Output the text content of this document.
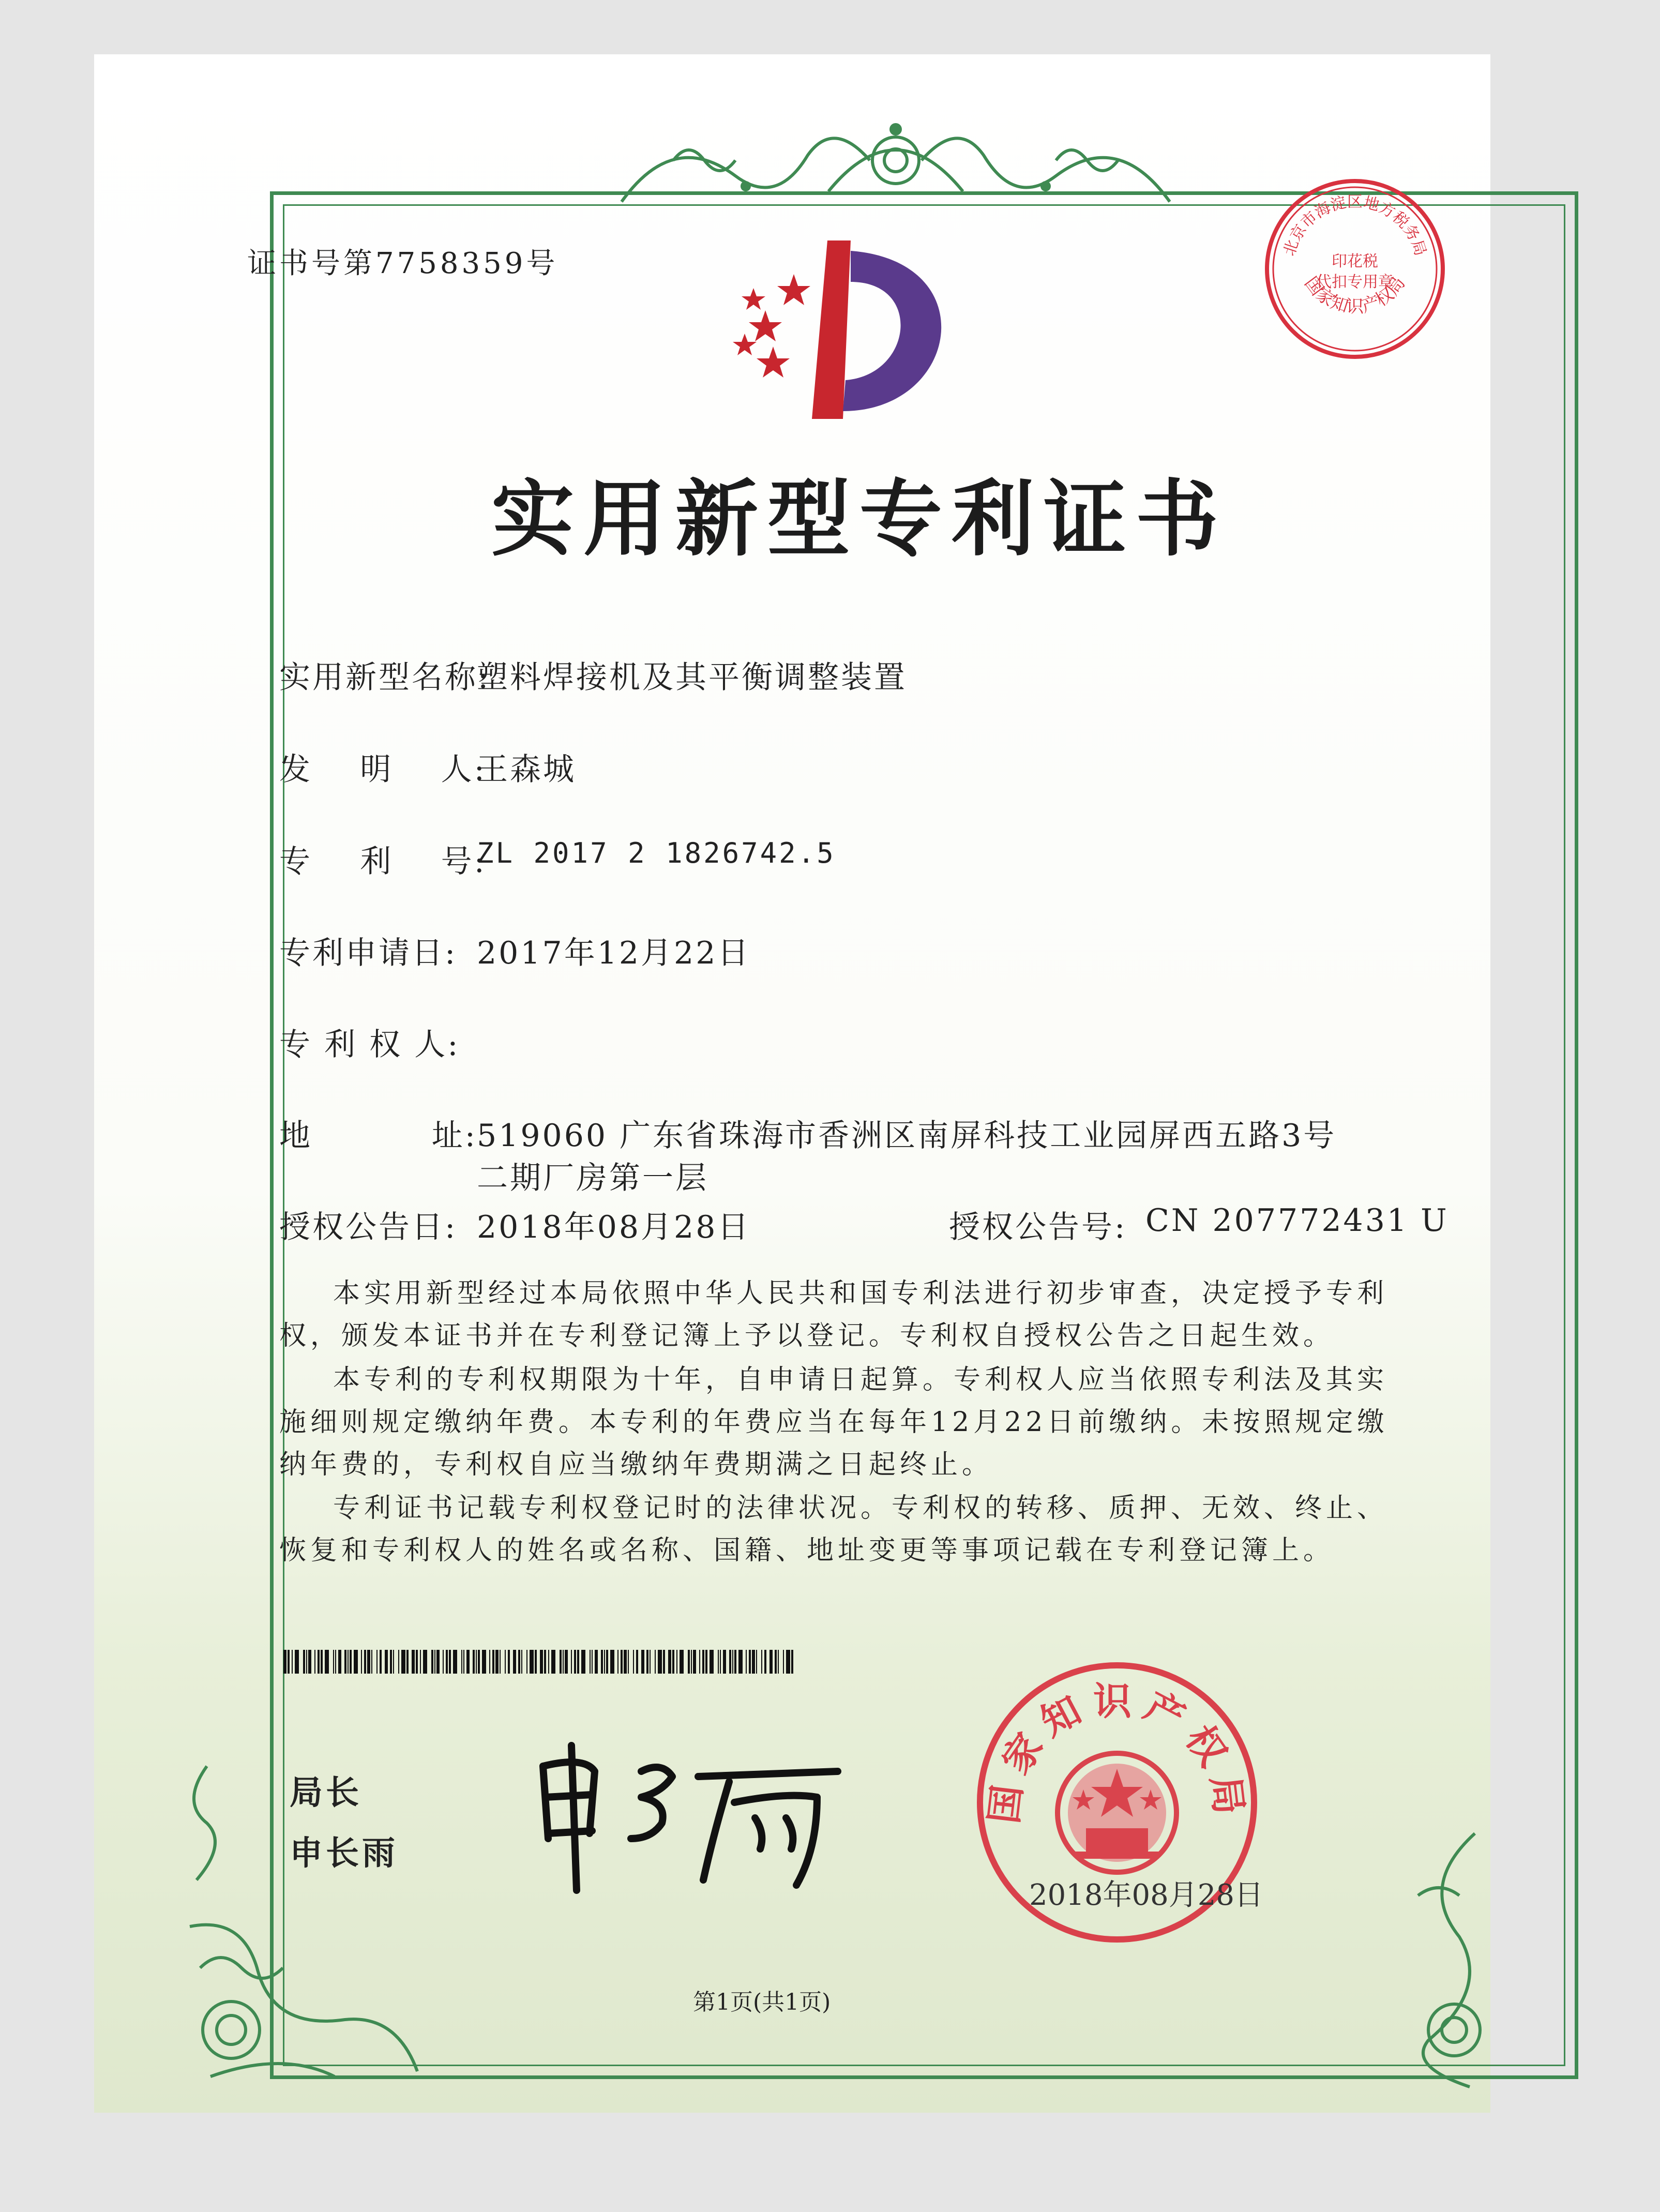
北京市海淀区地方税务局
印花税
代扣专用章
国家知识产权局
证书号第7758359号
实用新型专利证书
实用新型名称:
塑料焊接机及其平衡调整装置
发    明    人:
王森城
专    利    号:
ZL 2017 2 1826742.5
专利申请日: 2017年12月22日
专 利 权 人:
地          址: 519060 广东省珠海市香洲区南屏科技工业园屏西五路3号
二期厂房第一层
授权公告日: 2018年08月28日	授权公告号: CN 207772431 U
本实用新型经过本局依照中华人民共和国专利法进行初步审查，决定授予专利权，颁发本证书并在专利登记簿上予以登记。专利权自授权公告之日起生效。
本专利的专利权期限为十年，自申请日起算。专利权人应当依照专利法及其实施细则规定缴纳年费。本专利的年费应当在每年12月22日前缴纳。未按照规定缴纳年费的，专利权自应当缴纳年费期满之日起终止。
专利证书记载专利权登记时的法律状况。专利权的转移、质押、无效、终止、恢复和专利权人的姓名或名称、国籍、地址变更等事项记载在专利登记簿上。
局长
申长雨
国家知识产权局
2018年08月28日
第1页(共1页)
